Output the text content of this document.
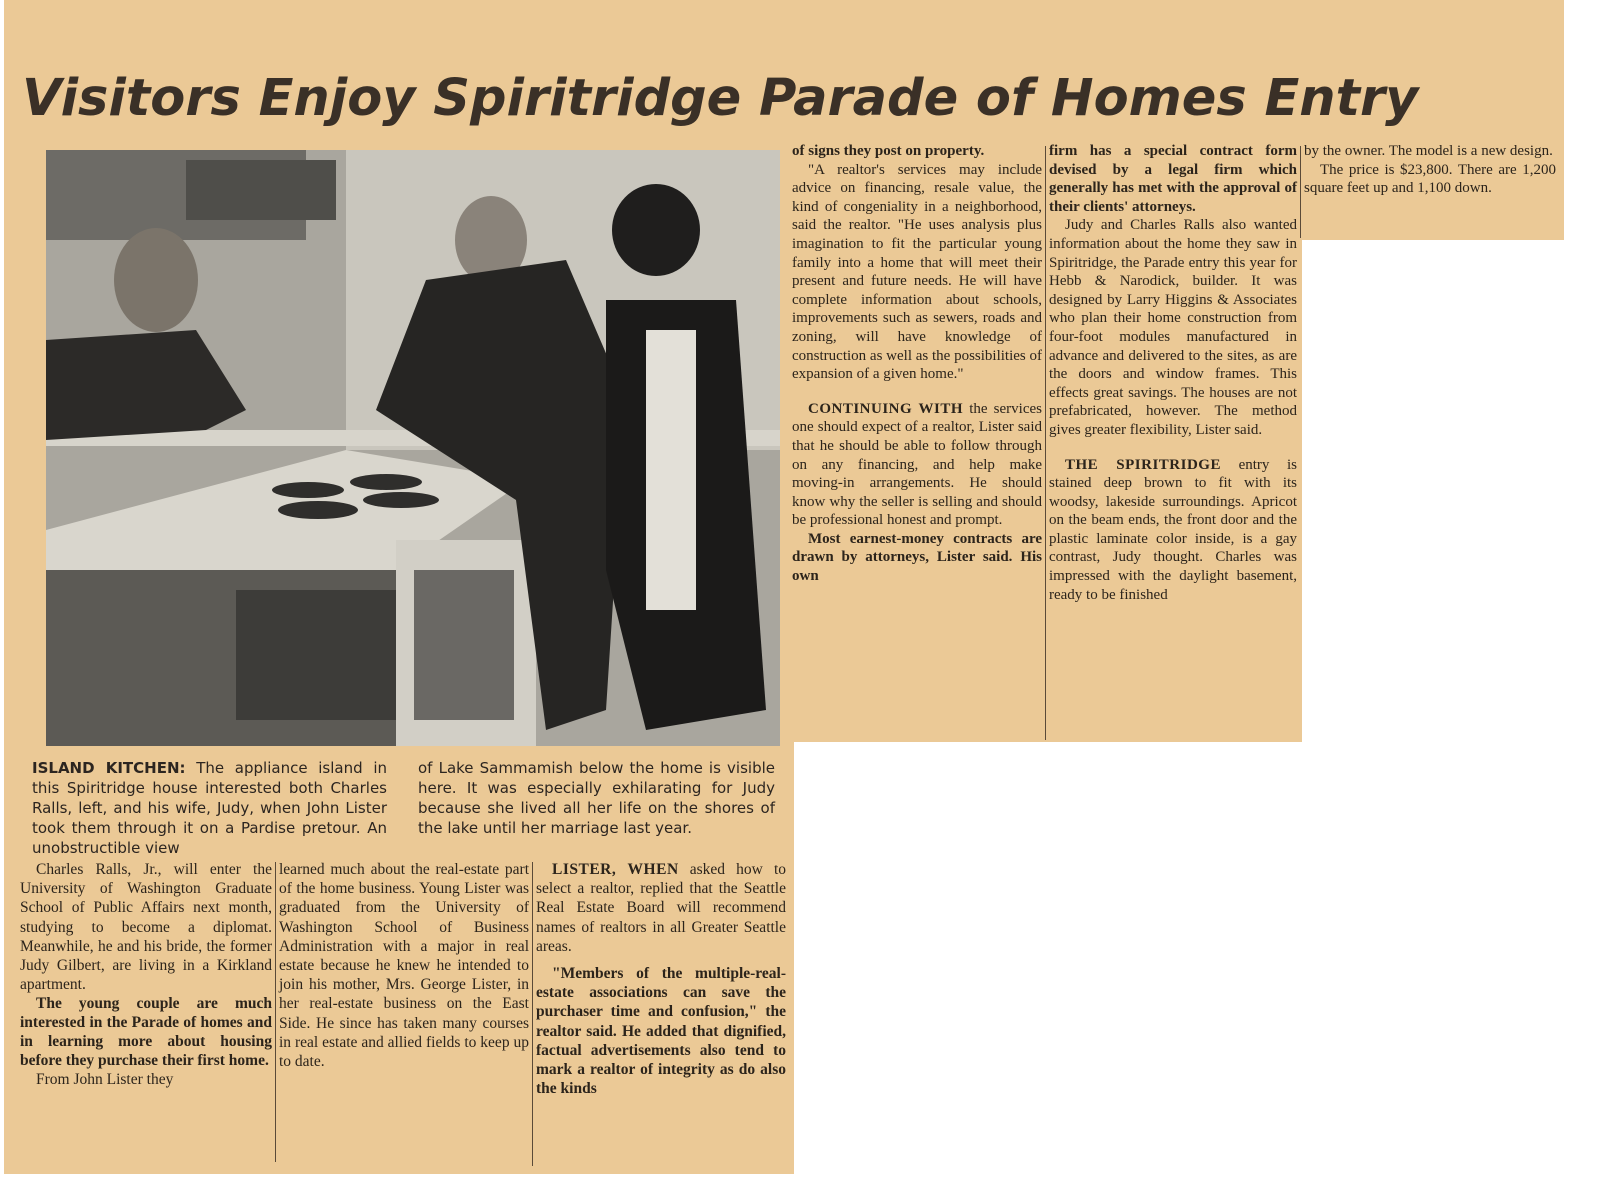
Visitors Enjoy Spiritridge Parade of Homes Entry

ISLAND KITCHEN: The appliance island in this Spiritridge house interested both Charles Ralls, left, and his wife, Judy, when John Lister took them through it on a Pardise pretour. An unobstructible view

of Lake Sammamish below the home is visible here. It was especially exhilarating for Judy because she lived all her life on the shores of the lake until her marriage last year.

Charles Ralls, Jr., will enter the University of Washington Graduate School of Public Affairs next month, studying to become a diplomat. Meanwhile, he and his bride, the former Judy Gilbert, are living in a Kirkland apartment.

The young couple are much interested in the Parade of homes and in learning more about housing before they purchase their first home.

From John Lister they

learned much about the real-estate part of the home business. Young Lister was graduated from the University of Washington School of Business Administration with a major in real estate because he knew he intended to join his mother, Mrs. George Lister, in her real-estate business on the East Side. He since has taken many courses in real estate and allied fields to keep up to date.

LISTER, WHEN asked how to select a realtor, replied that the Seattle Real Estate Board will recommend names of realtors in all Greater Seattle areas.

"Members of the multiple-real-estate associations can save the purchaser time and confusion," the realtor said. He added that dignified, factual advertisements also tend to mark a realtor of integrity as do also the kinds

of signs they post on property.

"A realtor's services may include advice on financing, resale value, the kind of congeniality in a neighborhood, said the realtor. "He uses analysis plus imagination to fit the particular young family into a home that will meet their present and future needs. He will have complete information about schools, improvements such as sewers, roads and zoning, will have knowledge of construction as well as the possibilities of expansion of a given home."

CONTINUING WITH the services one should expect of a realtor, Lister said that he should be able to follow through on any financing, and help make moving-in arrangements. He should know why the seller is selling and should be professional honest and prompt.

Most earnest-money contracts are drawn by attorneys, Lister said. His own

firm has a special contract form devised by a legal firm which generally has met with the approval of their clients' attorneys.

Judy and Charles Ralls also wanted information about the home they saw in Spiritridge, the Parade entry this year for Hebb & Narodick, builder. It was designed by Larry Higgins & Associates who plan their home construction from four-foot modules manufactured in advance and delivered to the sites, as are the doors and window frames. This effects great savings. The houses are not prefabricated, however. The method gives greater flexibility, Lister said.

THE SPIRITRIDGE entry is stained deep brown to fit with its woodsy, lakeside surroundings. Apricot on the beam ends, the front door and the plastic laminate color inside, is a gay contrast, Judy thought. Charles was impressed with the daylight basement, ready to be finished

by the owner. The model is a new design.

The price is $23,800. There are 1,200 square feet up and 1,100 down.
